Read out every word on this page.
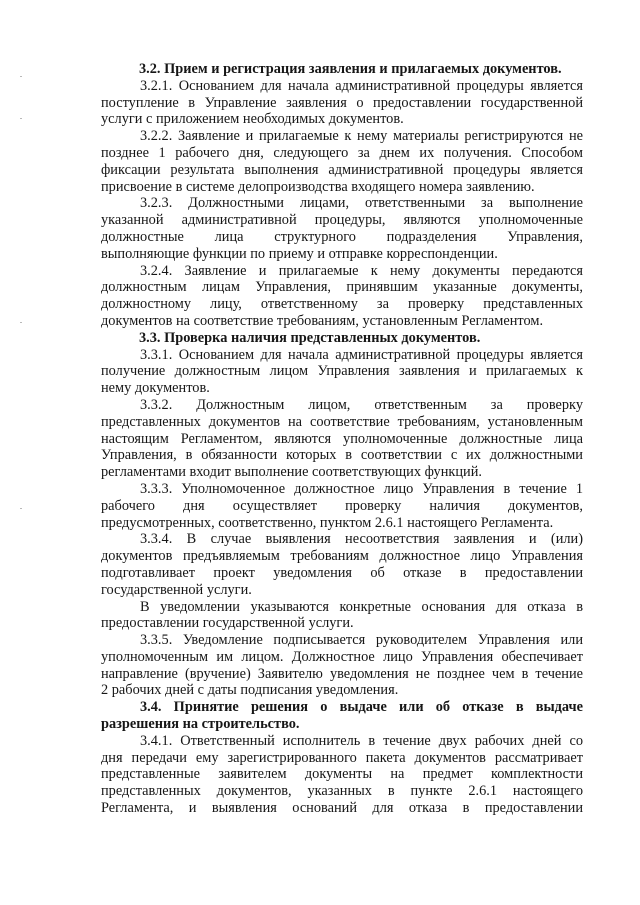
3.2. Прием и регистрация заявления и прилагаемых документов.
3.2.1. Основанием для начала административной процедуры является
поступление в Управление заявления о предоставлении государственной
услуги с приложением необходимых документов.
3.2.2. Заявление и прилагаемые к нему материалы регистрируются не
позднее 1 рабочего дня, следующего за днем их получения. Способом
фиксации результата выполнения административной процедуры является
присвоение в системе делопроизводства входящего номера заявлению.
3.2.3. Должностными лицами, ответственными за выполнение
указанной административной процедуры, являются уполномоченные
должностные лица структурного подразделения Управления,
выполняющие функции по приему и отправке корреспонденции.
3.2.4. Заявление и прилагаемые к нему документы передаются
должностным лицам Управления, принявшим указанные документы,
должностному лицу, ответственному за проверку представленных
документов на соответствие требованиям, установленным Регламентом.
3.3. Проверка наличия представленных документов.
3.3.1. Основанием для начала административной процедуры является
получение должностным лицом Управления заявления и прилагаемых к
нему документов.
3.3.2. Должностным лицом, ответственным за проверку
представленных документов на соответствие требованиям, установленным
настоящим Регламентом, являются уполномоченные должностные лица
Управления, в обязанности которых в соответствии с их должностными
регламентами входит выполнение соответствующих функций.
3.3.3. Уполномоченное должностное лицо Управления в течение 1
рабочего дня осуществляет проверку наличия документов,
предусмотренных, соответственно, пунктом 2.6.1 настоящего Регламента.
3.3.4. В случае выявления несоответствия заявления и (или)
документов предъявляемым требованиям должностное лицо Управления
подготавливает проект уведомления об отказе в предоставлении
государственной услуги.
В уведомлении указываются конкретные основания для отказа в
предоставлении государственной услуги.
3.3.5. Уведомление подписывается руководителем Управления или
уполномоченным им лицом. Должностное лицо Управления обеспечивает
направление (вручение) Заявителю уведомления не позднее чем в течение
2 рабочих дней с даты подписания уведомления.
3.4. Принятие решения о выдаче или об отказе в выдаче
разрешения на строительство.
3.4.1. Ответственный исполнитель в течение двух рабочих дней со
дня передачи ему зарегистрированного пакета документов рассматривает
представленные заявителем документы на предмет комплектности
представленных документов, указанных в пункте 2.6.1 настоящего
Регламента, и выявления оснований для отказа в предоставлении
